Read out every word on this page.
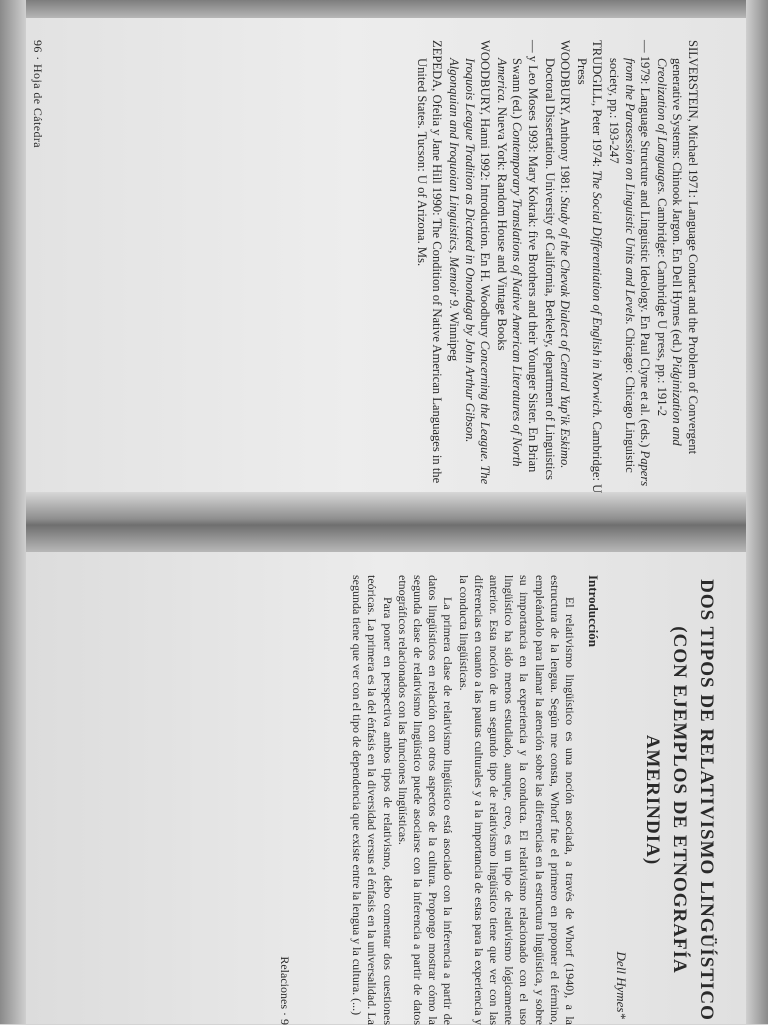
SILVERSTEIN, Michael 1971: Language Contact and the Problem of Convergent generative Systems: Chinook Jargon. En Dell Hymes (ed.) Pidginization and Creolization of Languages. Cambridge: Cambridge U press, pp.: 191-2

— 1979: Language Structure and Linguistic Ideology. En Paul Clyne et al. (eds.) Papers from the Parasession on Linguistic Units and Levels. Chicago: Chicago Linguistic society, pp.: 193-247

TRUDGILL, Peter 1974: The Social Differentiation of English in Norwich. Cambridge: U Press

WOODBURY, Anthony 1981: Study of the Chevak Dialect of Central Yup'ik Eskimo. Doctoral Dissertation. University of California, Berkeley, department of Linguistics

— y Leo Moses 1993: Mary Kokrak: five Brothers and their Younger Sister. En Brian Swann (ed.) Contemporary Translations of Native American Literatures of North America. Nueva York: Random House and Vintage Books

WOODBURY, Hanni 1992: Introduction. En H. Woodbury Concerning the League. The Iroquois League Tradition as Dictated in Onondaga by John Arthur Gibson. Algonquian and Iroquoian Linguistics, Memoir 9. Winnipeg

ZEPEDA, Ofelia y Jane Hill 1990: The Condition of Native American Languages in the United States. Tucson: U of Arizona. Ms.

96 · Hoja de Cátedra
DOS TIPOS DE RELATIVISMO LINGÜÍSTICO
(CON EJEMPLOS DE ETNOGRAFÍA AMERINDIA)
Dell Hymes*
Introducción

El relativismo lingüístico es una noción asociada, a través de Whorf (1940), a la estructura de la lengua. Según me consta, Whorf fue el primero en proponer el término, empleándolo para llamar la atención sobre las diferencias en la estructura lingüística, y sobre su importancia en la experiencia y la conducta. El relativismo relacionado con el uso lingüístico ha sido menos estudiado, aunque, creo, es un tipo de relativismo lógicamente anterior. Esta noción de un segundo tipo de relativismo lingüístico tiene que ver con las diferencias en cuanto a las pautas culturales y a la importancia de estas para la experiencia y la conducta lingüísticas.

La primera clase de relativismo lingüístico está asociado con la inferencia a partir de datos lingüísticos en relación con otros aspectos de la cultura. Propongo mostrar cómo la segunda clase de relativismo lingüístico puede asociarse con la inferencia a partir de datos etnográficos relacionados con las funciones lingüísticas.

Para poner en perspectiva ambos tipos de relativismo, debo comentar dos cuestiones teóricas. La primera es la del énfasis en la diversidad versus el énfasis en la universalidad. La segunda tiene que ver con el tipo de dependencia que existe entre la lengua y la cultura. (...)

Relaciones · 9
